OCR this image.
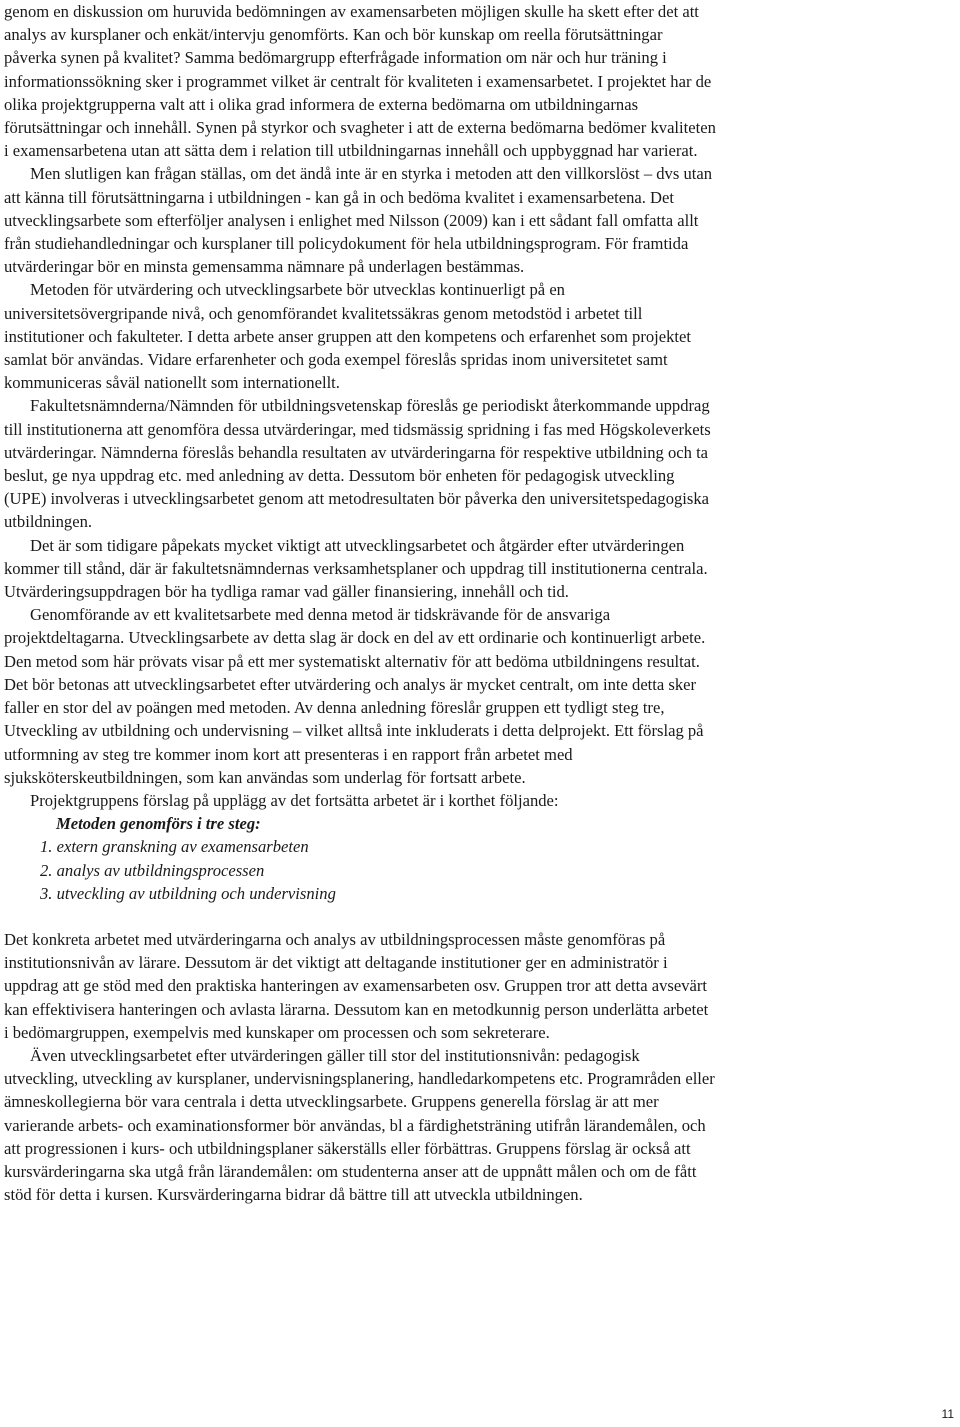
genom en diskussion om huruvida bedömningen av examensarbeten möjligen skulle ha skett efter det att analys av kursplaner och enkät/intervju genomförts. Kan och bör kunskap om reella förutsättningar påverka synen på kvalitet? Samma bedömargrupp efterfrågade information om när och hur träning i informationssökning sker i programmet vilket är centralt för kvaliteten i examensarbetet. I projektet har de olika projektgrupperna valt att i olika grad informera de externa bedömarna om utbildningarnas förutsättningar och innehåll. Synen på styrkor och svagheter i att de externa bedömarna bedömer kvaliteten i examensarbetena utan att sätta dem i relation till utbildningarnas innehåll och uppbyggnad har varierat.

Men slutligen kan frågan ställas, om det ändå inte är en styrka i metoden att den villkorslöst – dvs utan att känna till förutsättningarna i utbildningen - kan gå in och bedöma kvalitet i examensarbetena. Det utvecklingsarbete som efterföljer analysen i enlighet med Nilsson (2009) kan i ett sådant fall omfatta allt från studiehandledningar och kursplaner till policydokument för hela utbildningsprogram. För framtida utvärderingar bör en minsta gemensamma nämnare på underlagen bestämmas.

Metoden för utvärdering och utvecklingsarbete bör utvecklas kontinuerligt på en universitetsövergripande nivå, och genomförandet kvalitetssäkras genom metodstöd i arbetet till institutioner och fakulteter. I detta arbete anser gruppen att den kompetens och erfarenhet som projektet samlat bör användas. Vidare erfarenheter och goda exempel föreslås spridas inom universitetet samt kommuniceras såväl nationellt som internationellt.

Fakultetsnämnderna/Nämnden för utbildningsvetenskap föreslås ge periodiskt återkommande uppdrag till institutionerna att genomföra dessa utvärderingar, med tidsmässig spridning i fas med Högskoleverkets utvärderingar. Nämnderna föreslås behandla resultaten av utvärderingarna för respektive utbildning och ta beslut, ge nya uppdrag etc. med anledning av detta. Dessutom bör enheten för pedagogisk utveckling (UPE) involveras i utvecklingsarbetet genom att metodresultaten bör påverka den universitetspedagogiska utbildningen.

Det är som tidigare påpekats mycket viktigt att utvecklingsarbetet och åtgärder efter utvärderingen kommer till stånd, där är fakultetsnämndernas verksamhetsplaner och uppdrag till institutionerna centrala. Utvärderingsuppdragen bör ha tydliga ramar vad gäller finansiering, innehåll och tid.

Genomförande av ett kvalitetsarbete med denna metod är tidskrävande för de ansvariga projektdeltagarna. Utvecklingsarbete av detta slag är dock en del av ett ordinarie och kontinuerligt arbete. Den metod som här prövats visar på ett mer systematiskt alternativ för att bedöma utbildningens resultat. Det bör betonas att utvecklingsarbetet efter utvärdering och analys är mycket centralt, om inte detta sker faller en stor del av poängen med metoden. Av denna anledning föreslår gruppen ett tydligt steg tre, Utveckling av utbildning och undervisning – vilket alltså inte inkluderats i detta delprojekt. Ett förslag på utformning av steg tre kommer inom kort att presenteras i en rapport från arbetet med sjuksköterskeutbildningen, som kan användas som underlag för fortsatt arbete.

Projektgruppens förslag på upplägg av det fortsätta arbetet är i korthet följande:

Metoden genomförs i tre steg:

1. extern granskning av examensarbeten
2. analys av utbildningsprocessen
3. utveckling av utbildning och undervisning

Det konkreta arbetet med utvärderingarna och analys av utbildningsprocessen måste genomföras på institutionsnivån av lärare. Dessutom är det viktigt att deltagande institutioner ger en administratör i uppdrag att ge stöd med den praktiska hanteringen av examensarbeten osv. Gruppen tror att detta avsevärt kan effektivisera hanteringen och avlasta lärarna. Dessutom kan en metodkunnig person underlätta arbetet i bedömargruppen, exempelvis med kunskaper om processen och som sekreterare.

Även utvecklingsarbetet efter utvärderingen gäller till stor del institutionsnivån: pedagogisk utveckling, utveckling av kursplaner, undervisningsplanering, handledarkompetens etc. Programråden eller ämneskollegierna bör vara centrala i detta utvecklingsarbete. Gruppens generella förslag är att mer varierande arbets- och examinationsformer bör användas, bl a färdighetsträning utifrån lärandemålen, och att progressionen i kurs- och utbildningsplaner säkerställs eller förbättras. Gruppens förslag är också att kursvärderingarna ska utgå från lärandemålen: om studenterna anser att de uppnått målen och om de fått stöd för detta i kursen. Kursvärderingarna bidrar då bättre till att utveckla utbildningen.

11
